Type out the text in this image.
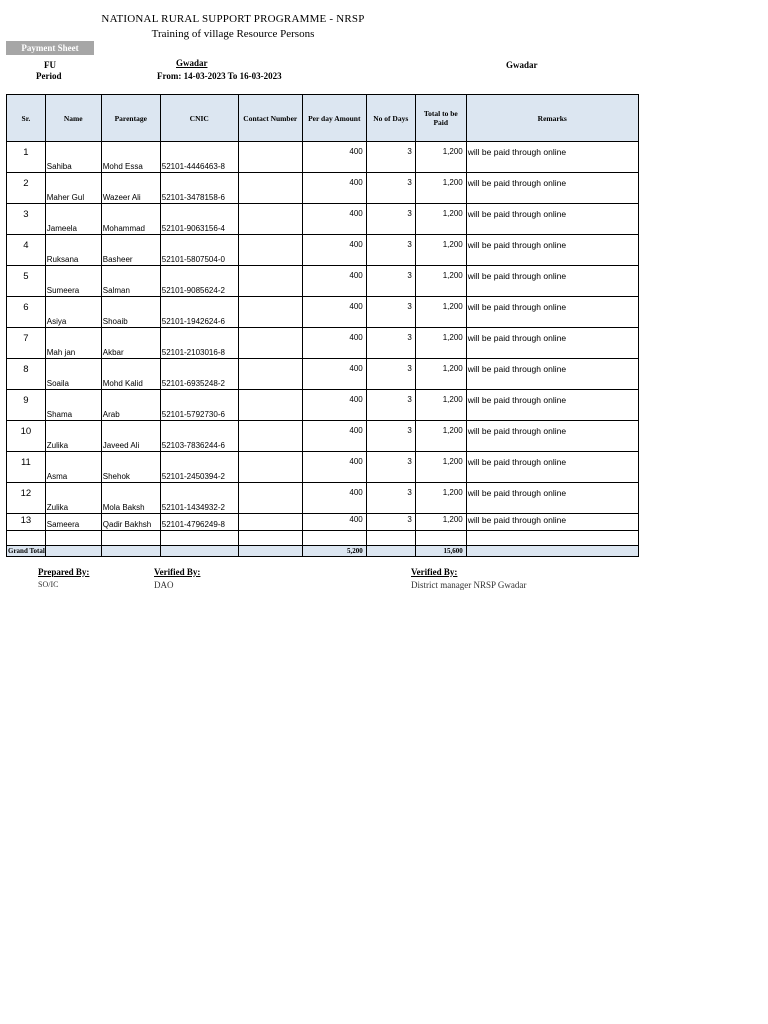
NATIONAL RURAL SUPPORT PROGRAMME - NRSP
Training of village Resource Persons
Payment Sheet
FU
Period
Gwadar
From: 14-03-2023 To 16-03-2023
Gwadar
Sr.	Name	Parentage	CNIC	Contact Number	Per day Amount	No of Days	Total to be Paid	Remarks
1	Sahiba	Mohd Essa	52101-4446463-8		400	3	1,200	will be paid through online
2	Maher Gul	Wazeer Ali	52101-3478158-6		400	3	1,200	will be paid through online
3	Jameela	Mohammad	52101-9063156-4		400	3	1,200	will be paid through online
4	Ruksana	Basheer	52101-5807504-0		400	3	1,200	will be paid through online
5	Sumeera	Salman	52101-9085624-2		400	3	1,200	will be paid through online
6	Asiya	Shoaib	52101-1942624-6		400	3	1,200	will be paid through online
7	Mah jan	Akbar	52101-2103016-8		400	3	1,200	will be paid through online
8	Soaila	Mohd Kalid	52101-6935248-2		400	3	1,200	will be paid through online
9	Shama	Arab	52101-5792730-6		400	3	1,200	will be paid through online
10	Zulika	Javeed Ali	52103-7836244-6		400	3	1,200	will be paid through online
11	Asma	Shehok	52101-2450394-2		400	3	1,200	will be paid through online
12	Zulika	Mola Baksh	52101-1434932-2		400	3	1,200	will be paid through online
13	Sameera	Qadir Bakhsh	52101-4796249-8		400	3	1,200	will be paid through online

Grand Total					5,200		15,600	
Prepared By:
SO/IC
Verified By:
DAO
Verified By:
District manager NRSP Gwadar
